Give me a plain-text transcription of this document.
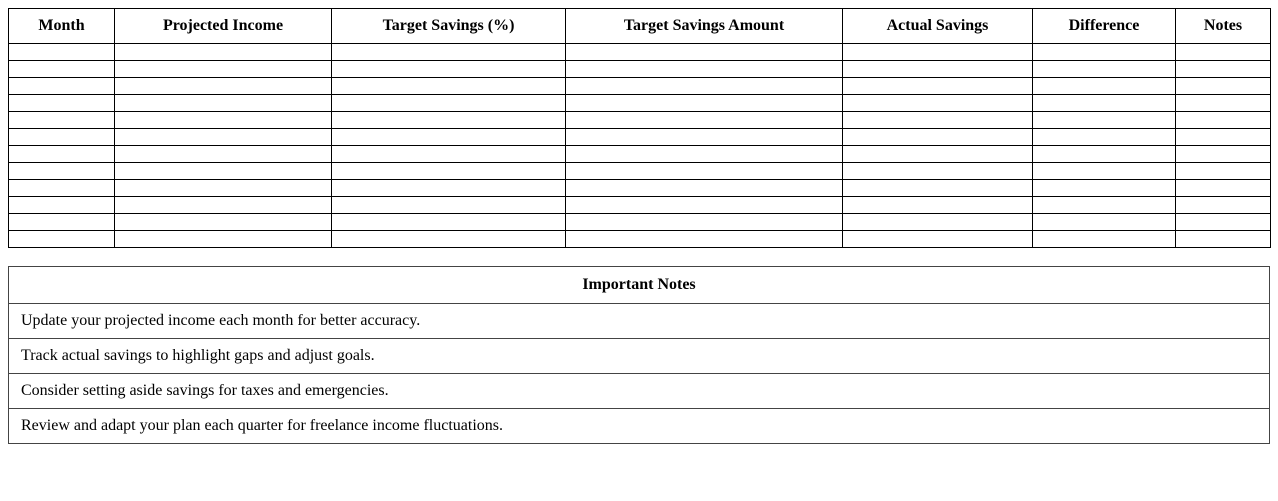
Month	Projected Income	Target Savings (%)	Target Savings Amount	Actual Savings	Difference	Notes

Important Notes
Update your projected income each month for better accuracy.
Track actual savings to highlight gaps and adjust goals.
Consider setting aside savings for taxes and emergencies.
Review and adapt your plan each quarter for freelance income fluctuations.
